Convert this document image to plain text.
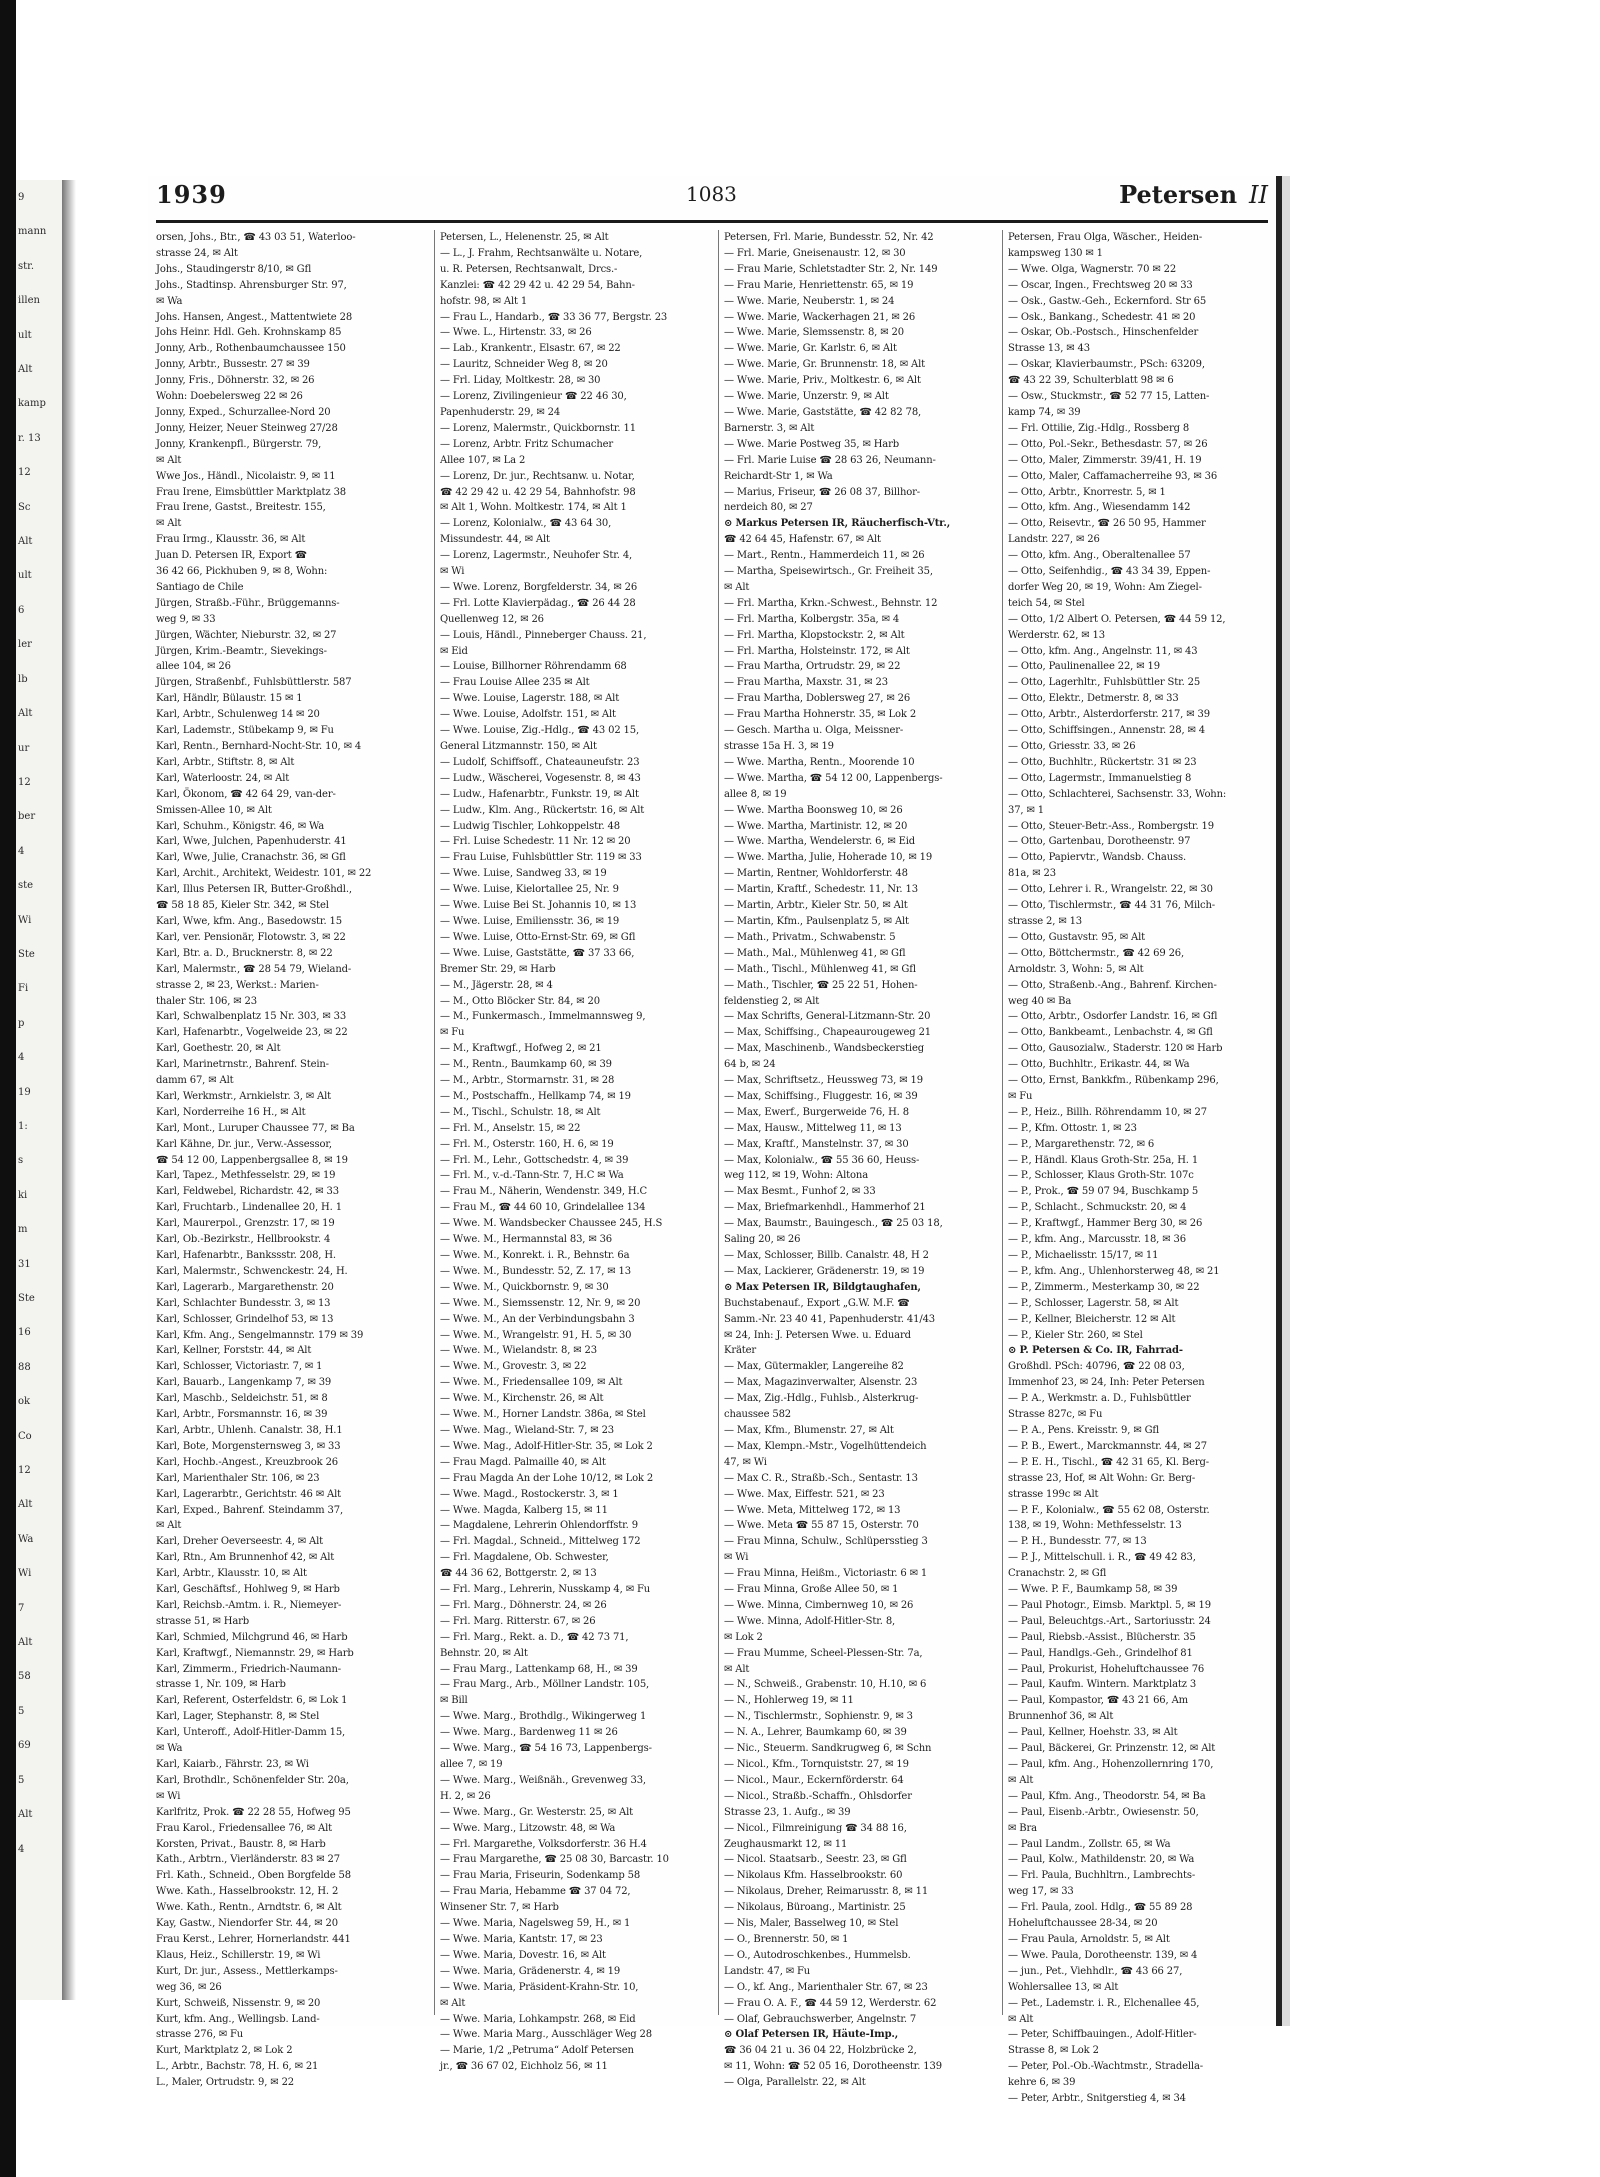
9
mann
str.
illen
ult
Alt
kamp
r. 13
12
Sc
Alt
ult
6
ler
lb
Alt
ur
12
ber
4
ste
Wi
Ste
Fi
p
4
19
1:
s
ki
m
31
Ste
16
88
ok
Co
12
Alt
Wa
Wi
7
Alt
58
5
69
5
Alt
4
1939	1083	Petersen II
orsen, Johs., Btr., ☎ 43 03 51, Waterloo-
strasse 24, ✉ Alt
Johs., Staudingerstr 8/10, ✉ Gfl
Johs., Stadtinsp. Ahrensburger Str. 97,
✉ Wa
Johs. Hansen, Angest., Mattentwiete 28
Johs Heinr. Hdl. Geh. Krohnskamp 85
Jonny, Arb., Rothenbaumchaussee 150
Jonny, Arbtr., Bussestr. 27 ✉ 39
Jonny, Fris., Döhnerstr. 32, ✉ 26
Wohn: Doebelersweg 22 ✉ 26
Jonny, Exped., Schurzallee-Nord 20
Jonny, Heizer, Neuer Steinweg 27/28
Jonny, Krankenpfl., Bürgerstr. 79,
✉ Alt
Wwe Jos., Händl., Nicolaistr. 9, ✉ 11
Frau Irene, Eimsbüttler Marktplatz 38
Frau Irene, Gastst., Breitestr. 155,
✉ Alt
Frau Irmg., Klausstr. 36, ✉ Alt
Juan D. Petersen IR, Export ☎
36 42 66, Pickhuben 9, ✉ 8, Wohn:
Santiago de Chile
Jürgen, Straßb.-Führ., Brüggemanns-
weg 9, ✉ 33
Jürgen, Wächter, Nieburstr. 32, ✉ 27
Jürgen, Krim.-Beamtr., Sievekings-
allee 104, ✉ 26
Jürgen, Straßenbf., Fuhlsbüttlerstr. 587
Karl, Händlr, Bülaustr. 15 ✉ 1
Karl, Arbtr., Schulenweg 14 ✉ 20
Karl, Lademstr., Stübekamp 9, ✉ Fu
Karl, Rentn., Bernhard-Nocht-Str. 10, ✉ 4
Karl, Arbtr., Stiftstr. 8, ✉ Alt
Karl, Waterloostr. 24, ✉ Alt
Karl, Ökonom, ☎ 42 64 29, van-der-
Smissen-Allee 10, ✉ Alt
Karl, Schuhm., Königstr. 46, ✉ Wa
Karl, Wwe, Julchen, Papenhuderstr. 41
Karl, Wwe, Julie, Cranachstr. 36, ✉ Gfl
Karl, Archit., Architekt, Weidestr. 101, ✉ 22
Karl, Illus Petersen IR, Butter-Großhdl.,
☎ 58 18 85, Kieler Str. 342, ✉ Stel
Karl, Wwe, kfm. Ang., Basedowstr. 15
Karl, ver. Pensionär, Flotowstr. 3, ✉ 22
Karl, Btr. a. D., Brucknerstr. 8, ✉ 22
Karl, Malermstr., ☎ 28 54 79, Wieland-
strasse 2, ✉ 23, Werkst.: Marien-
thaler Str. 106, ✉ 23
Karl, Schwalbenplatz 15 Nr. 303, ✉ 33
Karl, Hafenarbtr., Vogelweide 23, ✉ 22
Karl, Goethestr. 20, ✉ Alt
Karl, Marinetrnstr., Bahrenf. Stein-
damm 67, ✉ Alt
Karl, Werkmstr., Arnkielstr. 3, ✉ Alt
Karl, Norderreihe 16 H., ✉ Alt
Karl, Mont., Luruper Chaussee 77, ✉ Ba
Karl Kähne, Dr. jur., Verw.-Assessor,
☎ 54 12 00, Lappenbergsallee 8, ✉ 19
Karl, Tapez., Methfesselstr. 29, ✉ 19
Karl, Feldwebel, Richardstr. 42, ✉ 33
Karl, Fruchtarb., Lindenallee 20, H. 1
Karl, Maurerpol., Grenzstr. 17, ✉ 19
Karl, Ob.-Bezirkstr., Hellbrookstr. 4
Karl, Hafenarbtr., Bankssstr. 208, H.
Karl, Malermstr., Schwenckestr. 24, H.
Karl, Lagerarb., Margarethenstr. 20
Karl, Schlachter Bundesstr. 3, ✉ 13
Karl, Schlosser, Grindelhof 53, ✉ 13
Karl, Kfm. Ang., Sengelmannstr. 179 ✉ 39
Karl, Kellner, Forststr. 44, ✉ Alt
Karl, Schlosser, Victoriastr. 7, ✉ 1
Karl, Bauarb., Langenkamp 7, ✉ 39
Karl, Maschb., Seldeichstr. 51, ✉ 8
Karl, Arbtr., Forsmannstr. 16, ✉ 39
Karl, Arbtr., Uhlenh. Canalstr. 38, H.1
Karl, Bote, Morgensternsweg 3, ✉ 33
Karl, Hochb.-Angest., Kreuzbrook 26
Karl, Marienthaler Str. 106, ✉ 23
Karl, Lagerarbtr., Gerichtstr. 46 ✉ Alt
Karl, Exped., Bahrenf. Steindamm 37,
✉ Alt
Karl, Dreher Oeverseestr. 4, ✉ Alt
Karl, Rtn., Am Brunnenhof 42, ✉ Alt
Karl, Arbtr., Klausstr. 10, ✉ Alt
Karl, Geschäftsf., Hohlweg 9, ✉ Harb
Karl, Reichsb.-Amtm. i. R., Niemeyer-
strasse 51, ✉ Harb
Karl, Schmied, Milchgrund 46, ✉ Harb
Karl, Kraftwgf., Niemannstr. 29, ✉ Harb
Karl, Zimmerm., Friedrich-Naumann-
strasse 1, Nr. 109, ✉ Harb
Karl, Referent, Osterfeldstr. 6, ✉ Lok 1
Karl, Lager, Stephanstr. 8, ✉ Stel
Karl, Unteroff., Adolf-Hitler-Damm 15,
✉ Wa
Karl, Kaiarb., Fährstr. 23, ✉ Wi
Karl, Brothdlr., Schönenfelder Str. 20a,
✉ Wi
Karlfritz, Prok. ☎ 22 28 55, Hofweg 95
Frau Karol., Friedensallee 76, ✉ Alt
Korsten, Privat., Baustr. 8, ✉ Harb
Kath., Arbtrn., Vierländerstr. 83 ✉ 27
Frl. Kath., Schneid., Oben Borgfelde 58
Wwe. Kath., Hasselbrookstr. 12, H. 2
Wwe. Kath., Rentn., Arndtstr. 6, ✉ Alt
Kay, Gastw., Niendorfer Str. 44, ✉ 20
Frau Kerst., Lehrer, Hornerlandstr. 441
Klaus, Heiz., Schillerstr. 19, ✉ Wi
Kurt, Dr. jur., Assess., Mettlerkamps-
weg 36, ✉ 26
Kurt, Schweiß, Nissenstr. 9, ✉ 20
Kurt, kfm. Ang., Wellingsb. Land-
strasse 276, ✉ Fu
Kurt, Marktplatz 2, ✉ Lok 2
L., Arbtr., Bachstr. 78, H. 6, ✉ 21
L., Maler, Ortrudstr. 9, ✉ 22
Petersen, L., Helenenstr. 25, ✉ Alt
— L., J. Frahm, Rechtsanwälte u. Notare,
u. R. Petersen, Rechtsanwalt, Drcs.-
Kanzlei: ☎ 42 29 42 u. 42 29 54, Bahn-
hofstr. 98, ✉ Alt 1
— Frau L., Handarb., ☎ 33 36 77, Bergstr. 23
— Wwe. L., Hirtenstr. 33, ✉ 26
— Lab., Krankentr., Elsastr. 67, ✉ 22
— Lauritz, Schneider Weg 8, ✉ 20
— Frl. Liday, Moltkestr. 28, ✉ 30
— Lorenz, Zivilingenieur ☎ 22 46 30,
Papenhuderstr. 29, ✉ 24
— Lorenz, Malermstr., Quickbornstr. 11
— Lorenz, Arbtr. Fritz Schumacher
Allee 107, ✉ La 2
— Lorenz, Dr. jur., Rechtsanw. u. Notar,
☎ 42 29 42 u. 42 29 54, Bahnhofstr. 98
✉ Alt 1, Wohn. Moltkestr. 174, ✉ Alt 1
— Lorenz, Kolonialw., ☎ 43 64 30,
Missundestr. 44, ✉ Alt
— Lorenz, Lagermstr., Neuhofer Str. 4,
✉ Wi
— Wwe. Lorenz, Borgfelderstr. 34, ✉ 26
— Frl. Lotte Klavierpädag., ☎ 26 44 28
Quellenweg 12, ✉ 26
— Louis, Händl., Pinneberger Chauss. 21,
✉ Eid
— Louise, Billhorner Röhrendamm 68
— Frau Louise Allee 235 ✉ Alt
— Wwe. Louise, Lagerstr. 188, ✉ Alt
— Wwe. Louise, Adolfstr. 151, ✉ Alt
— Wwe. Louise, Zig.-Hdlg., ☎ 43 02 15,
General Litzmannstr. 150, ✉ Alt
— Ludolf, Schiffsoff., Chateauneufstr. 23
— Ludw., Wäscherei, Vogesenstr. 8, ✉ 43
— Ludw., Hafenarbtr., Funkstr. 19, ✉ Alt
— Ludw., Klm. Ang., Rückertstr. 16, ✉ Alt
— Ludwig Tischler, Lohkoppelstr. 48
— Frl. Luise Schedestr. 11 Nr. 12 ✉ 20
— Frau Luise, Fuhlsbüttler Str. 119 ✉ 33
— Wwe. Luise, Sandweg 33, ✉ 19
— Wwe. Luise, Kielortallee 25, Nr. 9
— Wwe. Luise Bei St. Johannis 10, ✉ 13
— Wwe. Luise, Emiliensstr. 36, ✉ 19
— Wwe. Luise, Otto-Ernst-Str. 69, ✉ Gfl
— Wwe. Luise, Gaststätte, ☎ 37 33 66,
Bremer Str. 29, ✉ Harb
— M., Jägerstr. 28, ✉ 4
— M., Otto Blöcker Str. 84, ✉ 20
— M., Funkermasch., Immelmannsweg 9,
✉ Fu
— M., Kraftwgf., Hofweg 2, ✉ 21
— M., Rentn., Baumkamp 60, ✉ 39
— M., Arbtr., Stormarnstr. 31, ✉ 28
— M., Postschaffn., Hellkamp 74, ✉ 19
— M., Tischl., Schulstr. 18, ✉ Alt
— Frl. M., Anselstr. 15, ✉ 22
— Frl. M., Osterstr. 160, H. 6, ✉ 19
— Frl. M., Lehr., Gottschedstr. 4, ✉ 39
— Frl. M., v.-d.-Tann-Str. 7, H.C ✉ Wa
— Frau M., Näherin, Wendenstr. 349, H.C
— Frau M., ☎ 44 60 10, Grindelallee 134
— Wwe. M. Wandsbecker Chaussee 245, H.S
— Wwe. M., Hermannstal 83, ✉ 36
— Wwe. M., Konrekt. i. R., Behnstr. 6a
— Wwe. M., Bundesstr. 52, Z. 17, ✉ 13
— Wwe. M., Quickbornstr. 9, ✉ 30
— Wwe. M., Siemssenstr. 12, Nr. 9, ✉ 20
— Wwe. M., An der Verbindungsbahn 3
— Wwe. M., Wrangelstr. 91, H. 5, ✉ 30
— Wwe. M., Wielandstr. 8, ✉ 23
— Wwe. M., Grovestr. 3, ✉ 22
— Wwe. M., Friedensallee 109, ✉ Alt
— Wwe. M., Kirchenstr. 26, ✉ Alt
— Wwe. M., Horner Landstr. 386a, ✉ Stel
— Wwe. Mag., Wieland-Str. 7, ✉ 23
— Wwe. Mag., Adolf-Hitler-Str. 35, ✉ Lok 2
— Frau Magd. Palmaille 40, ✉ Alt
— Frau Magda An der Lohe 10/12, ✉ Lok 2
— Wwe. Magd., Rostockerstr. 3, ✉ 1
— Wwe. Magda, Kalberg 15, ✉ 11
— Magdalene, Lehrerin Ohlendorffstr. 9
— Frl. Magdal., Schneid., Mittelweg 172
— Frl. Magdalene, Ob. Schwester,
☎ 44 36 62, Bottgerstr. 2, ✉ 13
— Frl. Marg., Lehrerin, Nusskamp 4, ✉ Fu
— Frl. Marg., Döhnerstr. 24, ✉ 26
— Frl. Marg. Ritterstr. 67, ✉ 26
— Frl. Marg., Rekt. a. D., ☎ 42 73 71,
Behnstr. 20, ✉ Alt
— Frau Marg., Lattenkamp 68, H., ✉ 39
— Frau Marg., Arb., Möllner Landstr. 105,
✉ Bill
— Wwe. Marg., Brothdlg., Wikingerweg 1
— Wwe. Marg., Bardenweg 11 ✉ 26
— Wwe. Marg., ☎ 54 16 73, Lappenbergs-
allee 7, ✉ 19
— Wwe. Marg., Weißnäh., Grevenweg 33,
H. 2, ✉ 26
— Wwe. Marg., Gr. Westerstr. 25, ✉ Alt
— Wwe. Marg., Litzowstr. 48, ✉ Wa
— Frl. Margarethe, Volksdorferstr. 36 H.4
— Frau Margarethe, ☎ 25 08 30, Barcastr. 10
— Frau Maria, Friseurin, Sodenkamp 58
— Frau Maria, Hebamme ☎ 37 04 72,
Winsener Str. 7, ✉ Harb
— Wwe. Maria, Nagelsweg 59, H., ✉ 1
— Wwe. Maria, Kantstr. 17, ✉ 23
— Wwe. Maria, Dovestr. 16, ✉ Alt
— Wwe. Maria, Grädenerstr. 4, ✉ 19
— Wwe. Maria, Präsident-Krahn-Str. 10,
✉ Alt
— Wwe. Maria, Lohkampstr. 268, ✉ Eid
— Wwe. Maria Marg., Ausschläger Weg 28
— Marie, 1/2 „Petruma“ Adolf Petersen
jr., ☎ 36 67 02, Eichholz 56, ✉ 11
Petersen, Frl. Marie, Bundesstr. 52, Nr. 42
— Frl. Marie, Gneisenaustr. 12, ✉ 30
— Frau Marie, Schletstadter Str. 2, Nr. 149
— Frau Marie, Henriettenstr. 65, ✉ 19
— Wwe. Marie, Neuberstr. 1, ✉ 24
— Wwe. Marie, Wackerhagen 21, ✉ 26
— Wwe. Marie, Slemssenstr. 8, ✉ 20
— Wwe. Marie, Gr. Karlstr. 6, ✉ Alt
— Wwe. Marie, Gr. Brunnenstr. 18, ✉ Alt
— Wwe. Marie, Priv., Moltkestr. 6, ✉ Alt
— Wwe. Marie, Unzerstr. 9, ✉ Alt
— Wwe. Marie, Gaststätte, ☎ 42 82 78,
Barnerstr. 3, ✉ Alt
— Wwe. Marie Postweg 35, ✉ Harb
— Frl. Marie Luise ☎ 28 63 26, Neumann-
Reichardt-Str 1, ✉ Wa
— Marius, Friseur, ☎ 26 08 37, Billhor-
nerdeich 80, ✉ 27
⊙ Markus Petersen IR, Räucherfisch-Vtr.,
☎ 42 64 45, Hafenstr. 67, ✉ Alt
— Mart., Rentn., Hammerdeich 11, ✉ 26
— Martha, Speisewirtsch., Gr. Freiheit 35,
✉ Alt
— Frl. Martha, Krkn.-Schwest., Behnstr. 12
— Frl. Martha, Kolbergstr. 35a, ✉ 4
— Frl. Martha, Klopstockstr. 2, ✉ Alt
— Frl. Martha, Holsteinstr. 172, ✉ Alt
— Frau Martha, Ortrudstr. 29, ✉ 22
— Frau Martha, Maxstr. 31, ✉ 23
— Frau Martha, Doblersweg 27, ✉ 26
— Frau Martha Hohnerstr. 35, ✉ Lok 2
— Gesch. Martha u. Olga, Meissner-
strasse 15a H. 3, ✉ 19
— Wwe. Martha, Rentn., Moorende 10
— Wwe. Martha, ☎ 54 12 00, Lappenbergs-
allee 8, ✉ 19
— Wwe. Martha Boonsweg 10, ✉ 26
— Wwe. Martha, Martinistr. 12, ✉ 20
— Wwe. Martha, Wendelerstr. 6, ✉ Eid
— Wwe. Martha, Julie, Hoherade 10, ✉ 19
— Martin, Rentner, Wohldorferstr. 48
— Martin, Kraftf., Schedestr. 11, Nr. 13
— Martin, Arbtr., Kieler Str. 50, ✉ Alt
— Martin, Kfm., Paulsenplatz 5, ✉ Alt
— Math., Privatm., Schwabenstr. 5
— Math., Mal., Mühlenweg 41, ✉ Gfl
— Math., Tischl., Mühlenweg 41, ✉ Gfl
— Math., Tischler, ☎ 25 22 51, Hohen-
feldenstieg 2, ✉ Alt
— Max Schrifts, General-Litzmann-Str. 20
— Max, Schiffsing., Chapeaurougeweg 21
— Max, Maschinenb., Wandsbeckerstieg
64 b, ✉ 24
— Max, Schriftsetz., Heussweg 73, ✉ 19
— Max, Schiffsing., Fluggestr. 16, ✉ 39
— Max, Ewerf., Burgerweide 76, H. 8
— Max, Hausw., Mittelweg 11, ✉ 13
— Max, Kraftf., Manstelnstr. 37, ✉ 30
— Max, Kolonialw., ☎ 55 36 60, Heuss-
weg 112, ✉ 19, Wohn: Altona
— Max Besmt., Funhof 2, ✉ 33
— Max, Briefmarkenhdl., Hammerhof 21
— Max, Baumstr., Bauingesch., ☎ 25 03 18,
Saling 20, ✉ 26
— Max, Schlosser, Billb. Canalstr. 48, H 2
— Max, Lackierer, Grädenerstr. 19, ✉ 19
⊙ Max Petersen IR, Bildgtaughafen,
Buchstabenauf., Export „G.W. M.F. ☎
Samm.-Nr. 23 40 41, Papenhuderstr. 41/43
✉ 24, Inh: J. Petersen Wwe. u. Eduard
Kräter
— Max, Gütermakler, Langereihe 82
— Max, Magazinverwalter, Alsenstr. 23
— Max, Zig.-Hdlg., Fuhlsb., Alsterkrug-
chaussee 582
— Max, Kfm., Blumenstr. 27, ✉ Alt
— Max, Klempn.-Mstr., Vogelhüttendeich
47, ✉ Wi
— Max C. R., Straßb.-Sch., Sentastr. 13
— Wwe. Max, Eiffestr. 521, ✉ 23
— Wwe. Meta, Mittelweg 172, ✉ 13
— Wwe. Meta ☎ 55 87 15, Osterstr. 70
— Frau Minna, Schulw., Schlüpersstieg 3
✉ Wi
— Frau Minna, Heißm., Victoriastr. 6 ✉ 1
— Frau Minna, Große Allee 50, ✉ 1
— Wwe. Minna, Cimbernweg 10, ✉ 26
— Wwe. Minna, Adolf-Hitler-Str. 8,
✉ Lok 2
— Frau Mumme, Scheel-Plessen-Str. 7a,
✉ Alt
— N., Schweiß., Grabenstr. 10, H.10, ✉ 6
— N., Hohlerweg 19, ✉ 11
— N., Tischlermstr., Sophienstr. 9, ✉ 3
— N. A., Lehrer, Baumkamp 60, ✉ 39
— Nic., Steuerm. Sandkrugweg 6, ✉ Schn
— Nicol., Kfm., Tornquiststr. 27, ✉ 19
— Nicol., Maur., Eckernförderstr. 64
— Nicol., Straßb.-Schaffn., Ohlsdorfer
Strasse 23, 1. Aufg., ✉ 39
— Nicol., Filmreinigung ☎ 34 88 16,
Zeughausmarkt 12, ✉ 11
— Nicol. Staatsarb., Seestr. 23, ✉ Gfl
— Nikolaus Kfm. Hasselbrookstr. 60
— Nikolaus, Dreher, Reimarusstr. 8, ✉ 11
— Nikolaus, Büroang., Martinistr. 25
— Nis, Maler, Basselweg 10, ✉ Stel
— O., Brennerstr. 50, ✉ 1
— O., Autodroschkenbes., Hummelsb.
Landstr. 47, ✉ Fu
— O., kf. Ang., Marienthaler Str. 67, ✉ 23
— Frau O. A. F., ☎ 44 59 12, Werderstr. 62
— Olaf, Gebrauchswerber, Angelnstr. 7
⊙ Olaf Petersen IR, Häute-Imp.,
☎ 36 04 21 u. 36 04 22, Holzbrücke 2,
✉ 11, Wohn: ☎ 52 05 16, Dorotheenstr. 139
— Olga, Parallelstr. 22, ✉ Alt
Petersen, Frau Olga, Wäscher., Heiden-
kampsweg 130 ✉ 1
— Wwe. Olga, Wagnerstr. 70 ✉ 22
— Oscar, Ingen., Frechtsweg 20 ✉ 33
— Osk., Gastw.-Geh., Eckernford. Str 65
— Osk., Bankang., Schedestr. 41 ✉ 20
— Oskar, Ob.-Postsch., Hinschenfelder
Strasse 13, ✉ 43
— Oskar, Klavierbaumstr., PSch: 63209,
☎ 43 22 39, Schulterblatt 98 ✉ 6
— Osw., Stuckmstr., ☎ 52 77 15, Latten-
kamp 74, ✉ 39
— Frl. Ottilie, Zig.-Hdlg., Rossberg 8
— Otto, Pol.-Sekr., Bethesdastr. 57, ✉ 26
— Otto, Maler, Zimmerstr. 39/41, H. 19
— Otto, Maler, Caffamacherreihe 93, ✉ 36
— Otto, Arbtr., Knorrestr. 5, ✉ 1
— Otto, kfm. Ang., Wiesendamm 142
— Otto, Reisevtr., ☎ 26 50 95, Hammer
Landstr. 227, ✉ 26
— Otto, kfm. Ang., Oberaltenallee 57
— Otto, Seifenhdig., ☎ 43 34 39, Eppen-
dorfer Weg 20, ✉ 19, Wohn: Am Ziegel-
teich 54, ✉ Stel
— Otto, 1/2 Albert O. Petersen, ☎ 44 59 12,
Werderstr. 62, ✉ 13
— Otto, kfm. Ang., Angelnstr. 11, ✉ 43
— Otto, Paulinenallee 22, ✉ 19
— Otto, Lagerhltr., Fuhlsbüttler Str. 25
— Otto, Elektr., Detmerstr. 8, ✉ 33
— Otto, Arbtr., Alsterdorferstr. 217, ✉ 39
— Otto, Schiffsingen., Annenstr. 28, ✉ 4
— Otto, Griesstr. 33, ✉ 26
— Otto, Buchhltr., Rückertstr. 31 ✉ 23
— Otto, Lagermstr., Immanuelstieg 8
— Otto, Schlachterei, Sachsenstr. 33, Wohn:
37, ✉ 1
— Otto, Steuer-Betr.-Ass., Rombergstr. 19
— Otto, Gartenbau, Dorotheenstr. 97
— Otto, Papiervtr., Wandsb. Chauss.
81a, ✉ 23
— Otto, Lehrer i. R., Wrangelstr. 22, ✉ 30
— Otto, Tischlermstr., ☎ 44 31 76, Milch-
strasse 2, ✉ 13
— Otto, Gustavstr. 95, ✉ Alt
— Otto, Böttchermstr., ☎ 42 69 26,
Arnoldstr. 3, Wohn: 5, ✉ Alt
— Otto, Straßenb.-Ang., Bahrenf. Kirchen-
weg 40 ✉ Ba
— Otto, Arbtr., Osdorfer Landstr. 16, ✉ Gfl
— Otto, Bankbeamt., Lenbachstr. 4, ✉ Gfl
— Otto, Gausozialw., Staderstr. 120 ✉ Harb
— Otto, Buchhltr., Erikastr. 44, ✉ Wa
— Otto, Ernst, Bankkfm., Rübenkamp 296,
✉ Fu
— P., Heiz., Billh. Röhrendamm 10, ✉ 27
— P., Kfm. Ottostr. 1, ✉ 23
— P., Margarethenstr. 72, ✉ 6
— P., Händl. Klaus Groth-Str. 25a, H. 1
— P., Schlosser, Klaus Groth-Str. 107c
— P., Prok., ☎ 59 07 94, Buschkamp 5
— P., Schlacht., Schmuckstr. 20, ✉ 4
— P., Kraftwgf., Hammer Berg 30, ✉ 26
— P., kfm. Ang., Marcusstr. 18, ✉ 36
— P., Michaelisstr. 15/17, ✉ 11
— P., kfm. Ang., Uhlenhorsterweg 48, ✉ 21
— P., Zimmerm., Mesterkamp 30, ✉ 22
— P., Schlosser, Lagerstr. 58, ✉ Alt
— P., Kellner, Bleicherstr. 12 ✉ Alt
— P., Kieler Str. 260, ✉ Stel
⊙ P. Petersen & Co. IR, Fahrrad-
Großhdl. PSch: 40796, ☎ 22 08 03,
Immenhof 23, ✉ 24, Inh: Peter Petersen
— P. A., Werkmstr. a. D., Fuhlsbüttler
Strasse 827c, ✉ Fu
— P. A., Pens. Kreisstr. 9, ✉ Gfl
— P. B., Ewert., Marckmannstr. 44, ✉ 27
— P. E. H., Tischl., ☎ 42 31 65, Kl. Berg-
strasse 23, Hof, ✉ Alt Wohn: Gr. Berg-
strasse 199c ✉ Alt
— P. F., Kolonialw., ☎ 55 62 08, Osterstr.
138, ✉ 19, Wohn: Methfesselstr. 13
— P. H., Bundesstr. 77, ✉ 13
— P. J., Mittelschull. i. R., ☎ 49 42 83,
Cranachstr. 2, ✉ Gfl
— Wwe. P. F., Baumkamp 58, ✉ 39
— Paul Photogr., Eimsb. Marktpl. 5, ✉ 19
— Paul, Beleuchtgs.-Art., Sartoriusstr. 24
— Paul, Riebsb.-Assist., Blücherstr. 35
— Paul, Handlgs.-Geh., Grindelhof 81
— Paul, Prokurist, Hoheluftchaussee 76
— Paul, Kaufm. Wintern. Marktplatz 3
— Paul, Kompastor, ☎ 43 21 66, Am
Brunnenhof 36, ✉ Alt
— Paul, Kellner, Hoehstr. 33, ✉ Alt
— Paul, Bäckerei, Gr. Prinzenstr. 12, ✉ Alt
— Paul, kfm. Ang., Hohenzollernring 170,
✉ Alt
— Paul, Kfm. Ang., Theodorstr. 54, ✉ Ba
— Paul, Eisenb.-Arbtr., Owiesenstr. 50,
✉ Bra
— Paul Landm., Zollstr. 65, ✉ Wa
— Paul, Kolw., Mathildenstr. 20, ✉ Wa
— Frl. Paula, Buchhltrn., Lambrechts-
weg 17, ✉ 33
— Frl. Paula, zool. Hdlg., ☎ 55 89 28
Hoheluftchaussee 28-34, ✉ 20
— Frau Paula, Arnoldstr. 5, ✉ Alt
— Wwe. Paula, Dorotheenstr. 139, ✉ 4
— jun., Pet., Viehhdlr., ☎ 43 66 27,
Wohlersallee 13, ✉ Alt
— Pet., Lademstr. i. R., Elchenallee 45,
✉ Alt
— Peter, Schiffbauingen., Adolf-Hitler-
Strasse 8, ✉ Lok 2
— Peter, Pol.-Ob.-Wachtmstr., Stradella-
kehre 6, ✉ 39
— Peter, Arbtr., Snitgerstieg 4, ✉ 34
